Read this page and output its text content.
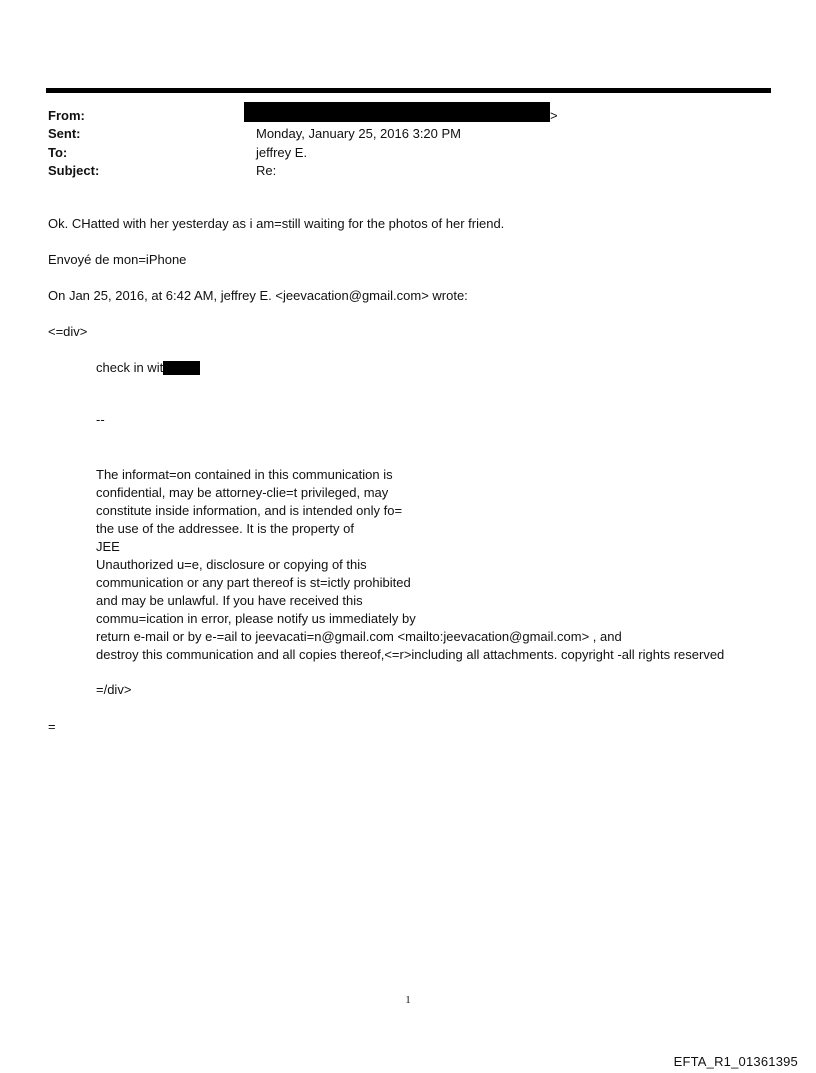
From:	>
Sent:	Monday, January 25, 2016 3:20 PM
To:	jeffrey E.
Subject:	Re:
Ok. CHatted with her yesterday as i am=still waiting for the photos of her friend.
Envoyé de mon=iPhone
On Jan 25, 2016, at 6:42 AM, jeffrey E. <jeevacation@gmail.com> wrote:
<=div>
check in wit
--
The informat=on contained in this communication is
confidential, may be attorney-clie=t privileged, may
constitute inside information, and is intended only fo=
the use of the addressee. It is the property of
JEE
Unauthorized u=e, disclosure or copying of this
communication or any part thereof is st=ictly prohibited
and may be unlawful. If you have received this
commu=ication in error, please notify us immediately by
return e-mail or by e-=ail to jeevacati=n@gmail.com <mailto:jeevacation@gmail.com> , and
destroy this communication and all copies thereof,<=r>including all attachments. copyright -all rights reserved
=/div>
=
1
EFTA_R1_01361395
